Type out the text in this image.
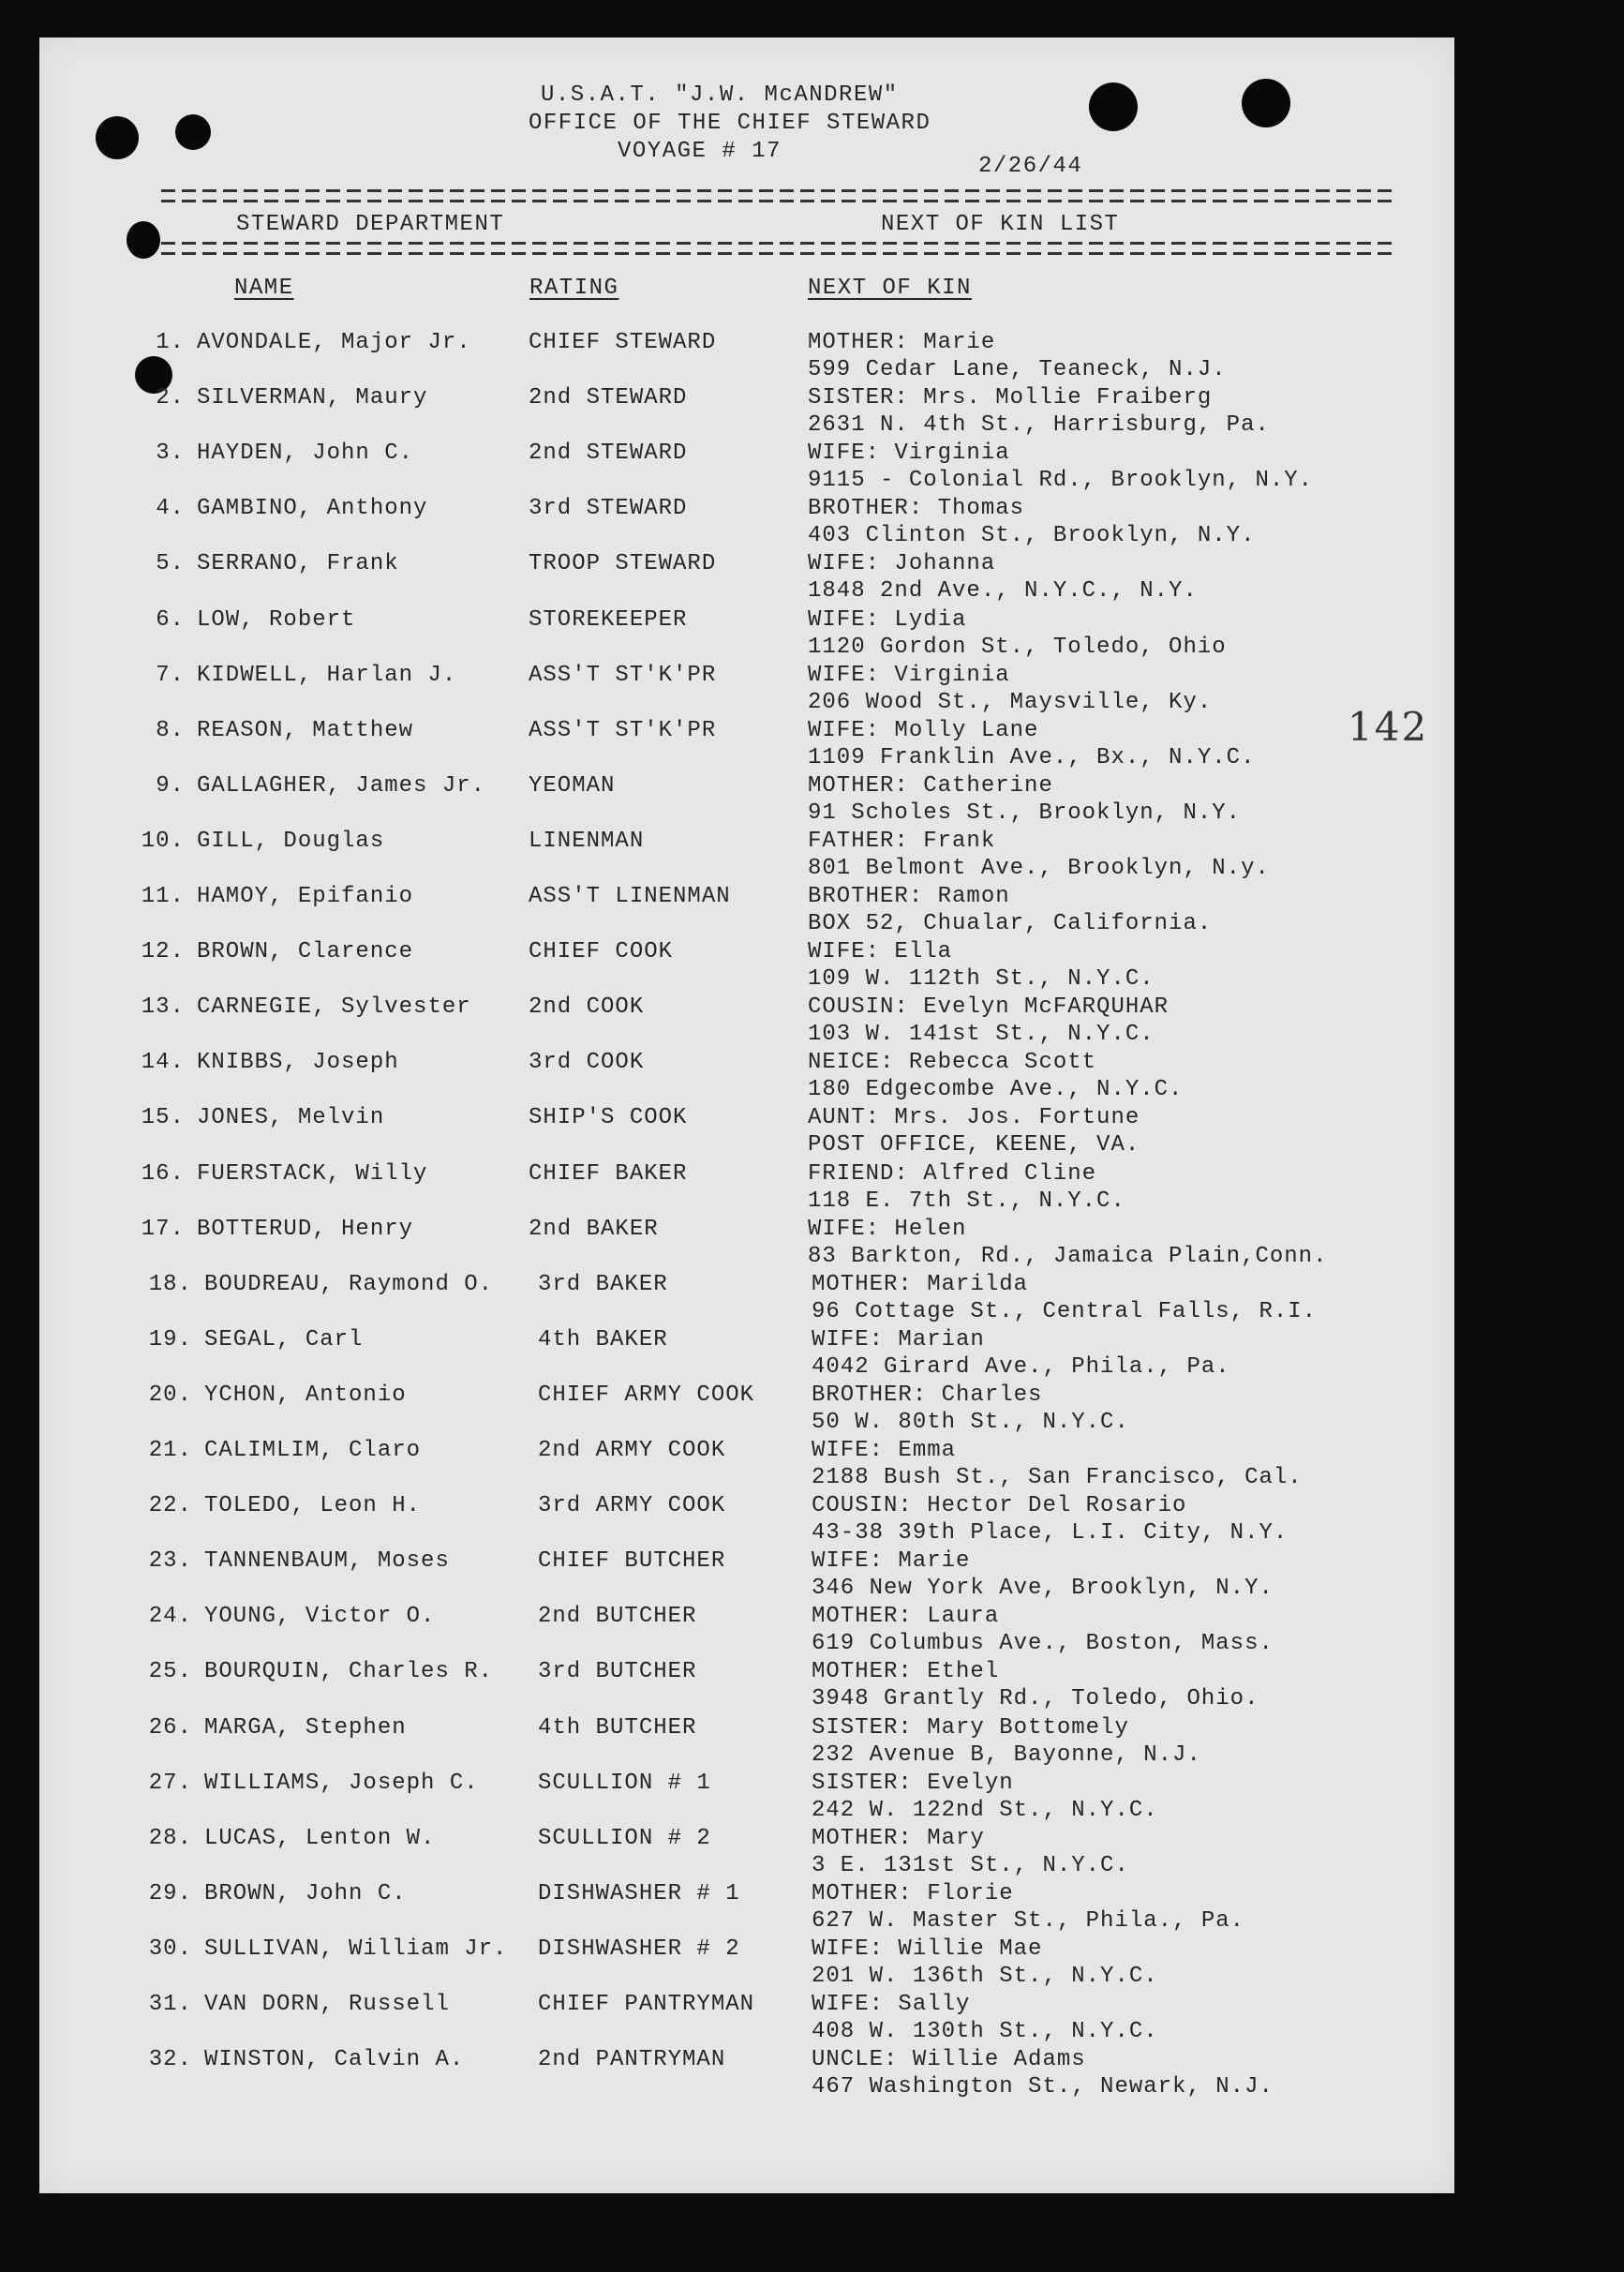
U.S.A.T. "J.W. McANDREW"
OFFICE OF THE CHIEF STEWARD
VOYAGE # 17
2/26/44
STEWARD DEPARTMENT	NEXT OF KIN LIST
NAME	RATING	NEXT OF KIN
142
1. AVONDALE, Major Jr.	CHIEF STEWARD	MOTHER: Marie
599 Cedar Lane, Teaneck, N.J.
2. SILVERMAN, Maury	2nd STEWARD	SISTER: Mrs. Mollie Fraiberg
2631 N. 4th St., Harrisburg, Pa.
3. HAYDEN, John C.	2nd STEWARD	WIFE: Virginia
9115 - Colonial Rd., Brooklyn, N.Y.
4. GAMBINO, Anthony	3rd STEWARD	BROTHER: Thomas
403 Clinton St., Brooklyn, N.Y.
5. SERRANO, Frank	TROOP STEWARD	WIFE: Johanna
1848 2nd Ave., N.Y.C., N.Y.
6. LOW, Robert	STOREKEEPER	WIFE: Lydia
1120 Gordon St., Toledo, Ohio
7. KIDWELL, Harlan J.	ASS'T ST'K'PR	WIFE: Virginia
206 Wood St., Maysville, Ky.
8. REASON, Matthew	ASS'T ST'K'PR	WIFE: Molly Lane
1109 Franklin Ave., Bx., N.Y.C.
9. GALLAGHER, James Jr. YEOMAN	MOTHER: Catherine
91 Scholes St., Brooklyn, N.Y.
10. GILL, Douglas	LINENMAN	FATHER: Frank
801 Belmont Ave., Brooklyn, N.y.
11. HAMOY, Epifanio	ASS'T LINENMAN	BROTHER: Ramon
BOX 52, Chualar, California.
12. BROWN, Clarence	CHIEF COOK	WIFE: Ella
109 W. 112th St., N.Y.C.
13. CARNEGIE, Sylvester	2nd COOK	COUSIN: Evelyn McFARQUHAR
103 W. 141st St., N.Y.C.
14. KNIBBS, Joseph	3rd COOK	NEICE: Rebecca Scott
180 Edgecombe Ave., N.Y.C.
15. JONES, Melvin	SHIP'S COOK	AUNT: Mrs. Jos. Fortune
POST OFFICE, KEENE, VA.
16. FUERSTACK, Willy	CHIEF BAKER	FRIEND: Alfred Cline
118 E. 7th St., N.Y.C.
17. BOTTERUD, Henry	2nd BAKER	WIFE: Helen
83 Barkton, Rd., Jamaica Plain,Conn.
18. BOUDREAU, Raymond O. 3rd BAKER	MOTHER: Marilda
96 Cottage St., Central Falls, R.I.
19. SEGAL, Carl	4th BAKER	WIFE: Marian
4042 Girard Ave., Phila., Pa.
20. YCHON, Antonio	CHIEF ARMY COOK	BROTHER: Charles
50 W. 80th St., N.Y.C.
21. CALIMLIM, Claro	2nd ARMY COOK	WIFE: Emma
2188 Bush St., San Francisco, Cal.
22. TOLEDO, Leon H.	3rd ARMY COOK	COUSIN: Hector Del Rosario
43-38 39th Place, L.I. City, N.Y.
23. TANNENBAUM, Moses	CHIEF BUTCHER	WIFE: Marie
346 New York Ave, Brooklyn, N.Y.
24. YOUNG, Victor O.	2nd BUTCHER	MOTHER: Laura
619 Columbus Ave., Boston, Mass.
25. BOURQUIN, Charles R. 3rd BUTCHER	MOTHER: Ethel
3948 Grantly Rd., Toledo, Ohio.
26. MARGA, Stephen	4th BUTCHER	SISTER: Mary Bottomely
232 Avenue B, Bayonne, N.J.
27. WILLIAMS, Joseph C.	SCULLION # 1	SISTER: Evelyn
242 W. 122nd St., N.Y.C.
28. LUCAS, Lenton W.	SCULLION # 2	MOTHER: Mary
3 E. 131st St., N.Y.C.
29. BROWN, John C.	DISHWASHER # 1	MOTHER: Florie
627 W. Master St., Phila., Pa.
30. SULLIVAN, William Jr. DISHWASHER # 2	WIFE: Willie Mae
201 W. 136th St., N.Y.C.
31. VAN DORN, Russell	CHIEF PANTRYMAN	WIFE: Sally
408 W. 130th St., N.Y.C.
32. WINSTON, Calvin A.	2nd PANTRYMAN	UNCLE: Willie Adams
467 Washington St., Newark, N.J.
